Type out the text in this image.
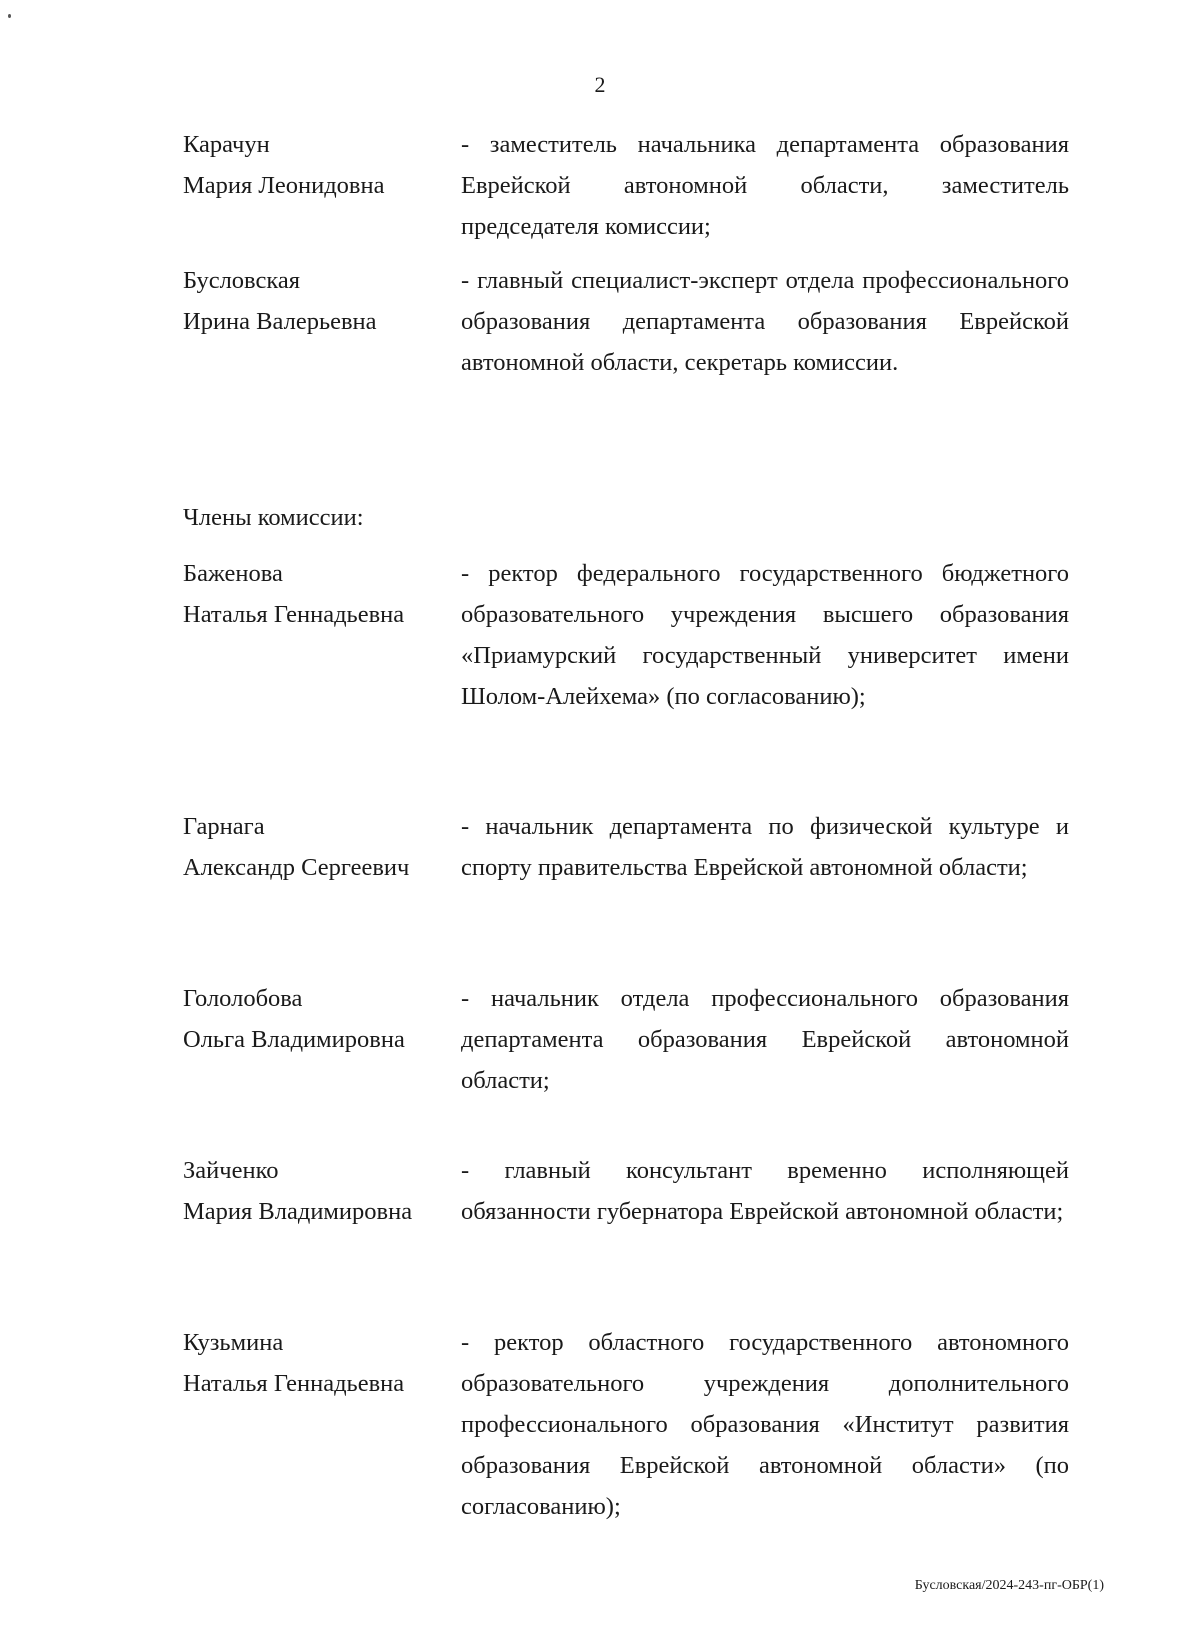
2
Карачун
Мария Леонидовна
- заместитель начальника департамента образования Еврейской автономной области, заместитель председателя комиссии;
Бусловская
Ирина Валерьевна
- главный специалист-эксперт отдела профессионального образования департамента образования Еврейской автономной области, секретарь комиссии.
Члены комиссии:
Баженова
Наталья Геннадьевна
- ректор федерального государственного бюджетного образовательного учреждения высшего образования «Приамурский государственный университет имени Шолом-Алейхема» (по согласованию);
Гарнага
Александр Сергеевич
- начальник департамента по физической культуре и спорту правительства Еврейской автономной области;
Гололобова
Ольга Владимировна
- начальник отдела профессионального образования департамента образования Еврейской автономной области;
Зайченко
Мария Владимировна
- главный консультант временно исполняющей обязанности губернатора Еврейской автономной области;
Кузьмина
Наталья Геннадьевна
- ректор областного государственного автономного образовательного учреждения дополнительного профессионального образования «Институт развития образования Еврейской автономной области» (по согласованию);
Бусловская/2024-243-пг-ОБР(1)
